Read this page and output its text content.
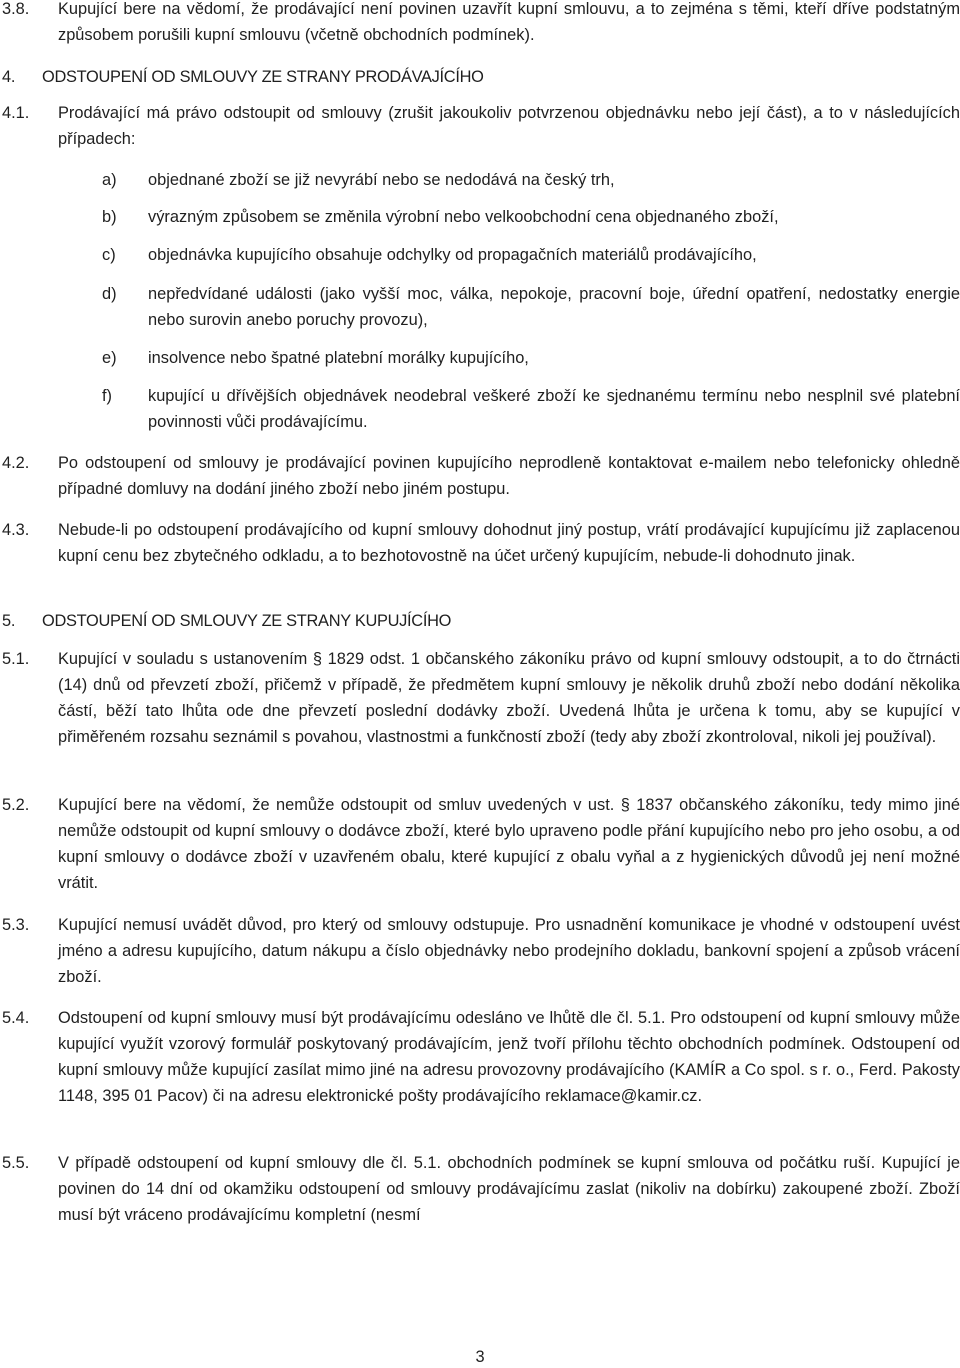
3.8. Kupující bere na vědomí, že prodávající není povinen uzavřít kupní smlouvu, a to zejména s těmi, kteří dříve podstatným způsobem porušili kupní smlouvu (včetně obchodních podmínek).
4. ODSTOUPENÍ OD SMLOUVY ZE STRANY PRODÁVAJÍCÍHO
4.1. Prodávající má právo odstoupit od smlouvy (zrušit jakoukoliv potvrzenou objednávku nebo její část), a to v následujících případech:
a) objednané zboží se již nevyrábí nebo se nedodává na český trh,
b) výrazným způsobem se změnila výrobní nebo velkoobchodní cena objednaného zboží,
c) objednávka kupujícího obsahuje odchylky od propagačních materiálů prodávajícího,
d) nepředvídané události (jako vyšší moc, válka, nepokoje, pracovní boje, úřední opatření, nedostatky energie nebo surovin anebo poruchy provozu),
e) insolvence nebo špatné platební morálky kupujícího,
f) kupující u dřívějších objednávek neodebral veškeré zboží ke sjednanému termínu nebo nesplnil své platební povinnosti vůči prodávajícímu.
4.2. Po odstoupení od smlouvy je prodávající povinen kupujícího neprodleně kontaktovat e-mailem nebo telefonicky ohledně případné domluvy na dodání jiného zboží nebo jiném postupu.
4.3. Nebude-li po odstoupení prodávajícího od kupní smlouvy dohodnut jiný postup, vrátí prodávající kupujícímu již zaplacenou kupní cenu bez zbytečného odkladu, a to bezhotovostně na účet určený kupujícím, nebude-li dohodnuto jinak.
5. ODSTOUPENÍ OD SMLOUVY ZE STRANY KUPUJÍCÍHO
5.1. Kupující v souladu s ustanovením § 1829 odst. 1 občanského zákoníku právo od kupní smlouvy odstoupit, a to do čtrnácti (14) dnů od převzetí zboží, přičemž v případě, že předmětem kupní smlouvy je několik druhů zboží nebo dodání několika částí, běží tato lhůta ode dne převzetí poslední dodávky zboží. Uvedená lhůta je určena k tomu, aby se kupující v přiměřeném rozsahu seznámil s povahou, vlastnostmi a funkčností zboží (tedy aby zboží zkontroloval, nikoli jej používal).
5.2. Kupující bere na vědomí, že nemůže odstoupit od smluv uvedených v ust. § 1837 občanského zákoníku, tedy mimo jiné nemůže odstoupit od kupní smlouvy o dodávce zboží, které bylo upraveno podle přání kupujícího nebo pro jeho osobu, a od kupní smlouvy o dodávce zboží v uzavřeném obalu, které kupující z obalu vyňal a z hygienických důvodů jej není možné vrátit.
5.3. Kupující nemusí uvádět důvod, pro který od smlouvy odstupuje. Pro usnadnění komunikace je vhodné v odstoupení uvést jméno a adresu kupujícího, datum nákupu a číslo objednávky nebo prodejního dokladu, bankovní spojení a způsob vrácení zboží.
5.4. Odstoupení od kupní smlouvy musí být prodávajícímu odesláno ve lhůtě dle čl. 5.1. Pro odstoupení od kupní smlouvy může kupující využít vzorový formulář poskytovaný prodávajícím, jenž tvoří přílohu těchto obchodních podmínek. Odstoupení od kupní smlouvy může kupující zasílat mimo jiné na adresu provozovny prodávajícího (KAMÍR a Co spol. s r. o., Ferd. Pakosty 1148, 395 01 Pacov) či na adresu elektronické pošty prodávajícího reklamace@kamir.cz.
5.5. V případě odstoupení od kupní smlouvy dle čl. 5.1. obchodních podmínek se kupní smlouva od počátku ruší. Kupující je povinen do 14 dní od okamžiku odstoupení od smlouvy prodávajícímu zaslat (nikoliv na dobírku) zakoupené zboží. Zboží musí být vráceno prodávajícímu kompletní (nesmí
3
